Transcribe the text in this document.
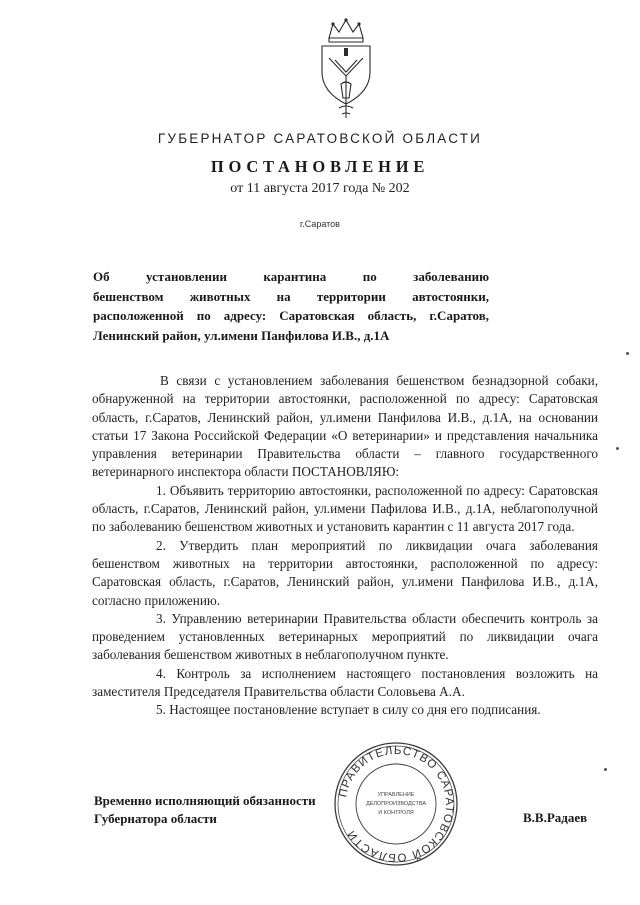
ГУБЕРНАТОР САРАТОВСКОЙ ОБЛАСТИ
ПОСТАНОВЛЕНИЕ
от 11 августа 2017 года № 202
г.Саратов
Об установлении карантина по заболеванию
бешенством животных на территории автостоянки,
расположенной по адресу: Саратовская область, г.Саратов,
Ленинский район, ул.имени Панфилова И.В., д.1А

В связи с установлением заболевания бешенством безнадзорной собаки, обнаруженной на территории автостоянки, расположенной по адресу: Саратовская область, г.Саратов, Ленинский район, ул.имени Панфилова И.В., д.1А, на основании статьи 17 Закона Российской Федерации «О ветеринарии» и представления начальника управления ветеринарии Правительства области – главного государственного ветеринарного инспектора области ПОСТАНОВЛЯЮ:

1. Объявить территорию автостоянки, расположенной по адресу: Саратовская область, г.Саратов, Ленинский район, ул.имени Пафилова И.В., д.1А, неблагополучной по заболеванию бешенством животных и установить карантин с 11 августа 2017 года.

2. Утвердить план мероприятий по ликвидации очага заболевания бешенством животных на территории автостоянки, расположенной по адресу: Саратовская область, г.Саратов, Ленинский район, ул.имени Панфилова И.В., д.1А, согласно приложению.

3. Управлению ветеринарии Правительства области обеспечить контроль за проведением установленных ветеринарных мероприятий по ликвидации очага заболевания бешенством животных в неблагополучном пункте.

4. Контроль за исполнением настоящего постановления возложить на заместителя Председателя Правительства области Соловьева А.А.

5. Настоящее постановление вступает в силу со дня его подписания.

Временно исполняющий обязанности
Губернатора области	В.В.Радаев
ПРАВИТЕЛЬСТВО САРАТОВСКОЙ ОБЛАСТИ
УПРАВЛЕНИЕ
ДЕЛОПРОИЗВОДСТВА
И КОНТРОЛЯ
